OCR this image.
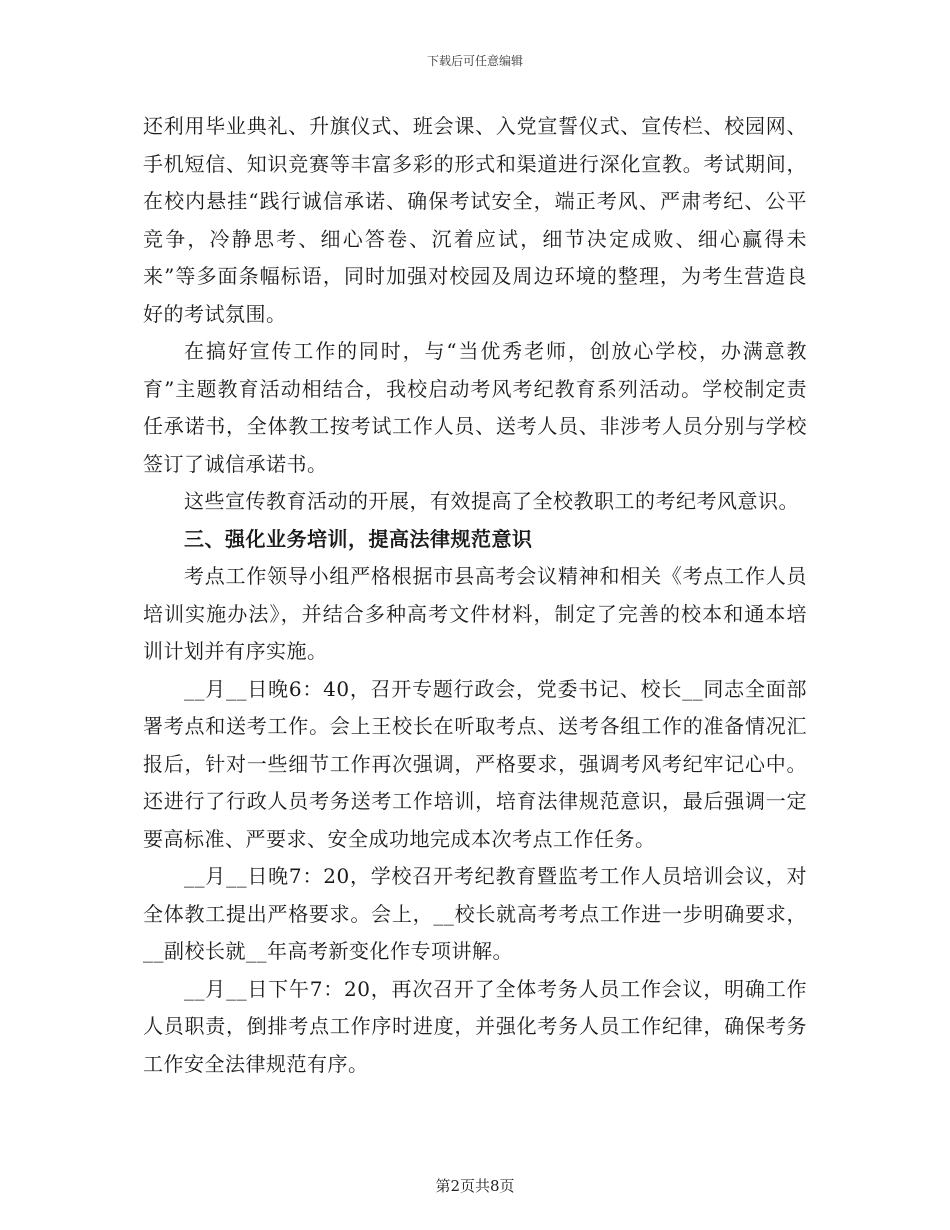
下载后可任意编辑

还利用毕业典礼、升旗仪式、班会课、入党宣誓仪式、宣传栏、校园网、手机短信、知识竞赛等丰富多彩的形式和渠道进行深化宣教。考试期间，在校内悬挂“践行诚信承诺、确保考试安全，端正考风、严肃考纪、公平竞争，冷静思考、细心答卷、沉着应试，细节决定成败、细心赢得未来”等多面条幅标语，同时加强对校园及周边环境的整理，为考生营造良好的考试氛围。

在搞好宣传工作的同时，与“当优秀老师，创放心学校，办满意教育”主题教育活动相结合，我校启动考风考纪教育系列活动。学校制定责任承诺书，全体教工按考试工作人员、送考人员、非涉考人员分别与学校签订了诚信承诺书。

这些宣传教育活动的开展，有效提高了全校教职工的考纪考风意识。

三、强化业务培训，提高法律规范意识

考点工作领导小组严格根据市县高考会议精神和相关《考点工作人员培训实施办法》，并结合多种高考文件材料，制定了完善的校本和通本培训计划并有序实施。

__月__日晚6：40，召开专题行政会，党委书记、校长__同志全面部署考点和送考工作。会上王校长在听取考点、送考各组工作的准备情况汇报后，针对一些细节工作再次强调，严格要求，强调考风考纪牢记心中。还进行了行政人员考务送考工作培训，培育法律规范意识，最后强调一定要高标准、严要求、安全成功地完成本次考点工作任务。

__月__日晚7：20，学校召开考纪教育暨监考工作人员培训会议，对全体教工提出严格要求。会上，__校长就高考考点工作进一步明确要求，__副校长就__年高考新变化作专项讲解。

__月__日下午7：20，再次召开了全体考务人员工作会议，明确工作人员职责，倒排考点工作序时进度，并强化考务人员工作纪律，确保考务工作安全法律规范有序。

第2页共8页
